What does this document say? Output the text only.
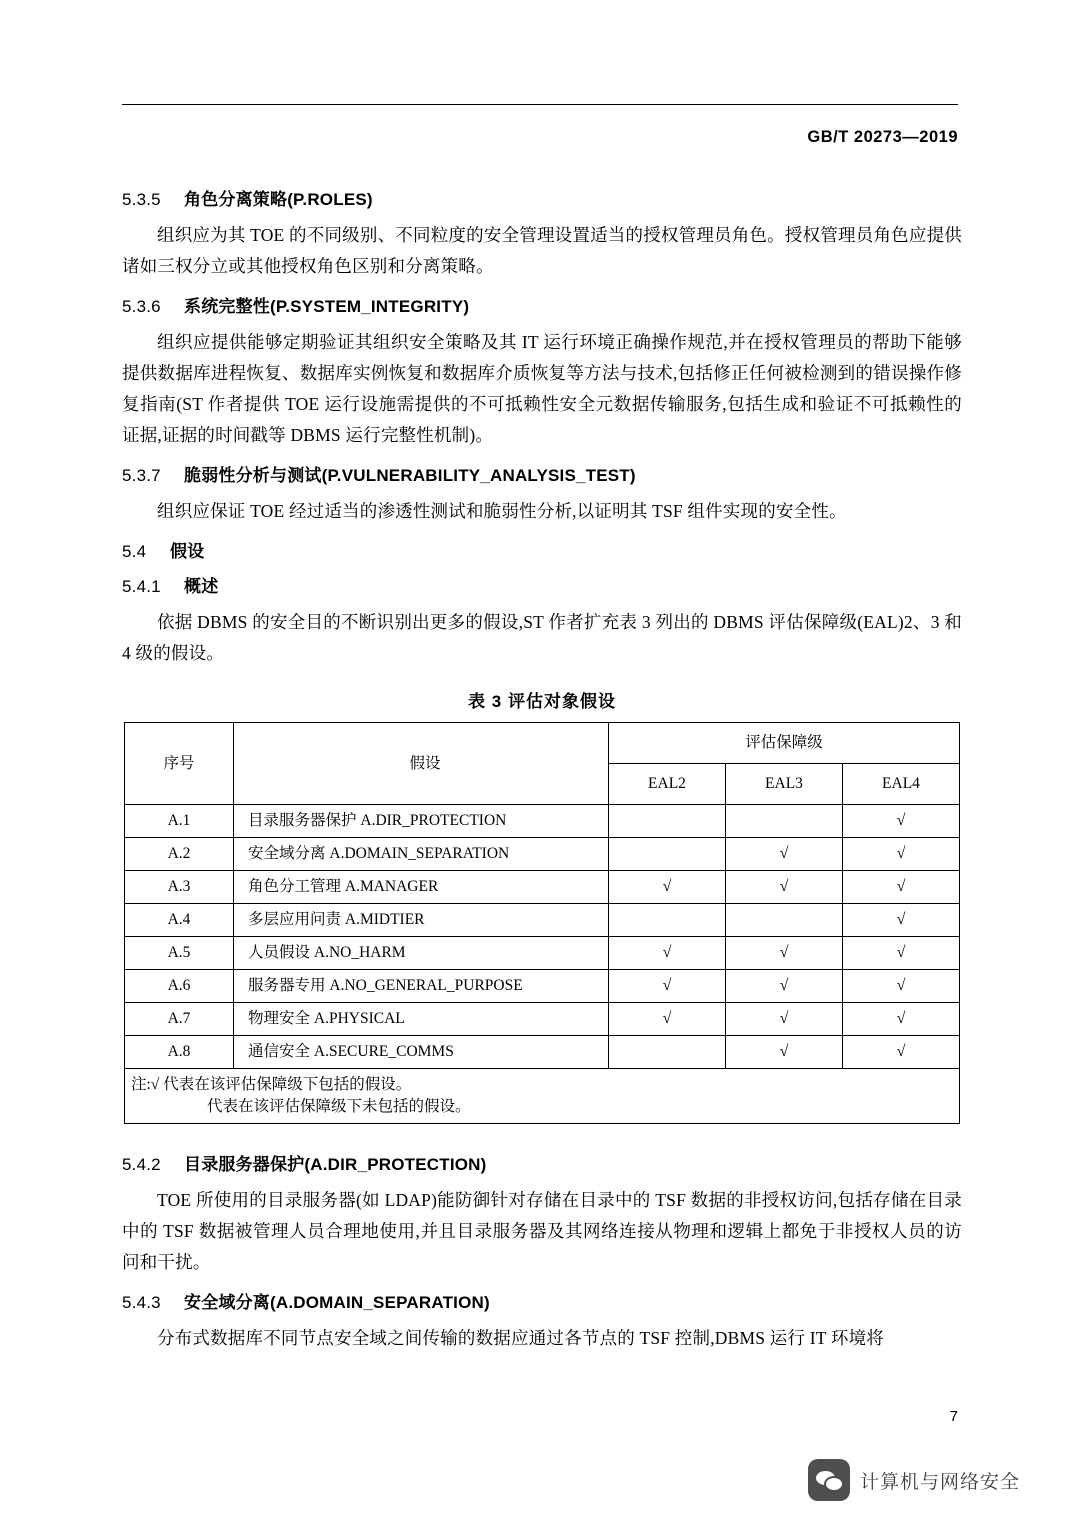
GB/T 20273—2019
5.3.5 角色分离策略(P.ROLES)

组织应为其 TOE 的不同级别、不同粒度的安全管理设置适当的授权管理员角色。授权管理员角色应提供诸如三权分立或其他授权角色区别和分离策略。

5.3.6 系统完整性(P.SYSTEM_INTEGRITY)

组织应提供能够定期验证其组织安全策略及其 IT 运行环境正确操作规范,并在授权管理员的帮助下能够提供数据库进程恢复、数据库实例恢复和数据库介质恢复等方法与技术,包括修正任何被检测到的错误操作修复指南(ST 作者提供 TOE 运行设施需提供的不可抵赖性安全元数据传输服务,包括生成和验证不可抵赖性的证据,证据的时间戳等 DBMS 运行完整性机制)。

5.3.7 脆弱性分析与测试(P.VULNERABILITY_ANALYSIS_TEST)

组织应保证 TOE 经过适当的渗透性测试和脆弱性分析,以证明其 TSF 组件实现的安全性。

5.4 假设
5.4.1 概述

依据 DBMS 的安全目的不断识别出更多的假设,ST 作者扩充表 3 列出的 DBMS 评估保障级(EAL)2、3 和 4 级的假设。

表 3 评估对象假设
序号	假设	评估保障级		
		EAL2	EAL3	EAL4
A.1	目录服务器保护 A.DIR_PROTECTION			√
A.2	安全域分离 A.DOMAIN_SEPARATION		√	√
A.3	角色分工管理 A.MANAGER	√	√	√
A.4	多层应用问责 A.MIDTIER			√
A.5	人员假设 A.NO_HARM	√	√	√
A.6	服务器专用 A.NO_GENERAL_PURPOSE	√	√	√
A.7	物理安全 A.PHYSICAL	√	√	√
A.8	通信安全 A.SECURE_COMMS		√	√

注:√ 代表在该评估保障级下包括的假设。
代表在该评估保障级下未包括的假设。				
5.4.2 目录服务器保护(A.DIR_PROTECTION)

TOE 所使用的目录服务器(如 LDAP)能防御针对存储在目录中的 TSF 数据的非授权访问,包括存储在目录中的 TSF 数据被管理人员合理地使用,并且目录服务器及其网络连接从物理和逻辑上都免于非授权人员的访问和干扰。

5.4.3 安全域分离(A.DOMAIN_SEPARATION)

分布式数据库不同节点安全域之间传输的数据应通过各节点的 TSF 控制,DBMS 运行 IT 环境将

7
计算机与网络安全
